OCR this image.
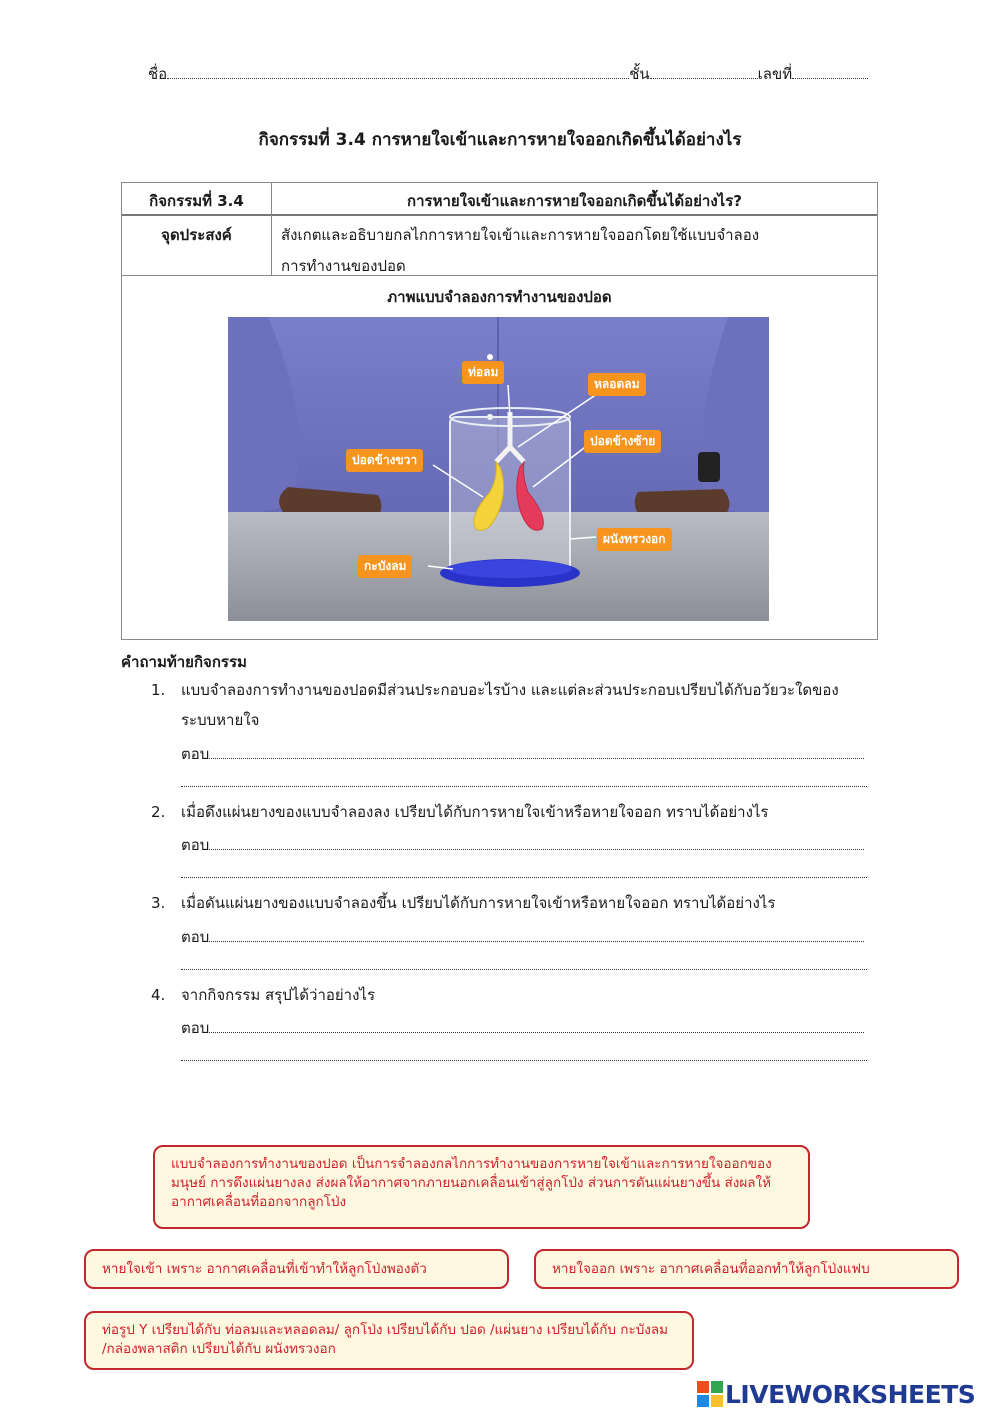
ชื่อ	ชั้น	เลขที่
กิจกรรมที่ 3.4 การหายใจเข้าและการหายใจออกเกิดขึ้นได้อย่างไร
กิจกรรมที่ 3.4	การหายใจเข้าและการหายใจออกเกิดขึ้นได้อย่างไร?
จุดประสงค์	สังเกตและอธิบายกลไกการหายใจเข้าและการหายใจออกโดยใช้แบบจำลอง
การทำงานของปอด
ภาพแบบจำลองการทำงานของปอด
ท่อลม
หลอดลม
ปอดข้างซ้าย
ปอดข้างขวา
ผนังทรวงอก
กะบังลม
คำถามท้ายกิจกรรม
1. แบบจำลองการทำงานของปอดมีส่วนประกอบอะไรบ้าง และแต่ละส่วนประกอบเปรียบได้กับอวัยวะใดของระบบหายใจ
ตอบ
2. เมื่อดึงแผ่นยางของแบบจำลองลง เปรียบได้กับการหายใจเข้าหรือหายใจออก ทราบได้อย่างไร
ตอบ
3. เมื่อดันแผ่นยางของแบบจำลองขึ้น เปรียบได้กับการหายใจเข้าหรือหายใจออก ทราบได้อย่างไร
ตอบ
4. จากกิจกรรม สรุปได้ว่าอย่างไร
ตอบ
แบบจำลองการทำงานของปอด เป็นการจำลองกลไกการทำงานของการหายใจเข้าและการหายใจออกของมนุษย์ การดึงแผ่นยางลง ส่งผลให้อากาศจากภายนอกเคลื่อนเข้าสู่ลูกโป่ง ส่วนการดันแผ่นยางขึ้น ส่งผลให้อากาศเคลื่อนที่ออกจากลูกโป่ง
หายใจเข้า เพราะ อากาศเคลื่อนที่เข้าทำให้ลูกโป่งพองตัว	หายใจออก เพราะ อากาศเคลื่อนที่ออกทำให้ลูกโป่งแฟบ
ท่อรูป Y เปรียบได้กับ ท่อลมและหลอดลม/ ลูกโป่ง เปรียบได้กับ ปอด /แผ่นยาง เปรียบได้กับ กะบังลม /กล่องพลาสติก เปรียบได้กับ ผนังทรวงอก
LIVEWORKSHEETS
